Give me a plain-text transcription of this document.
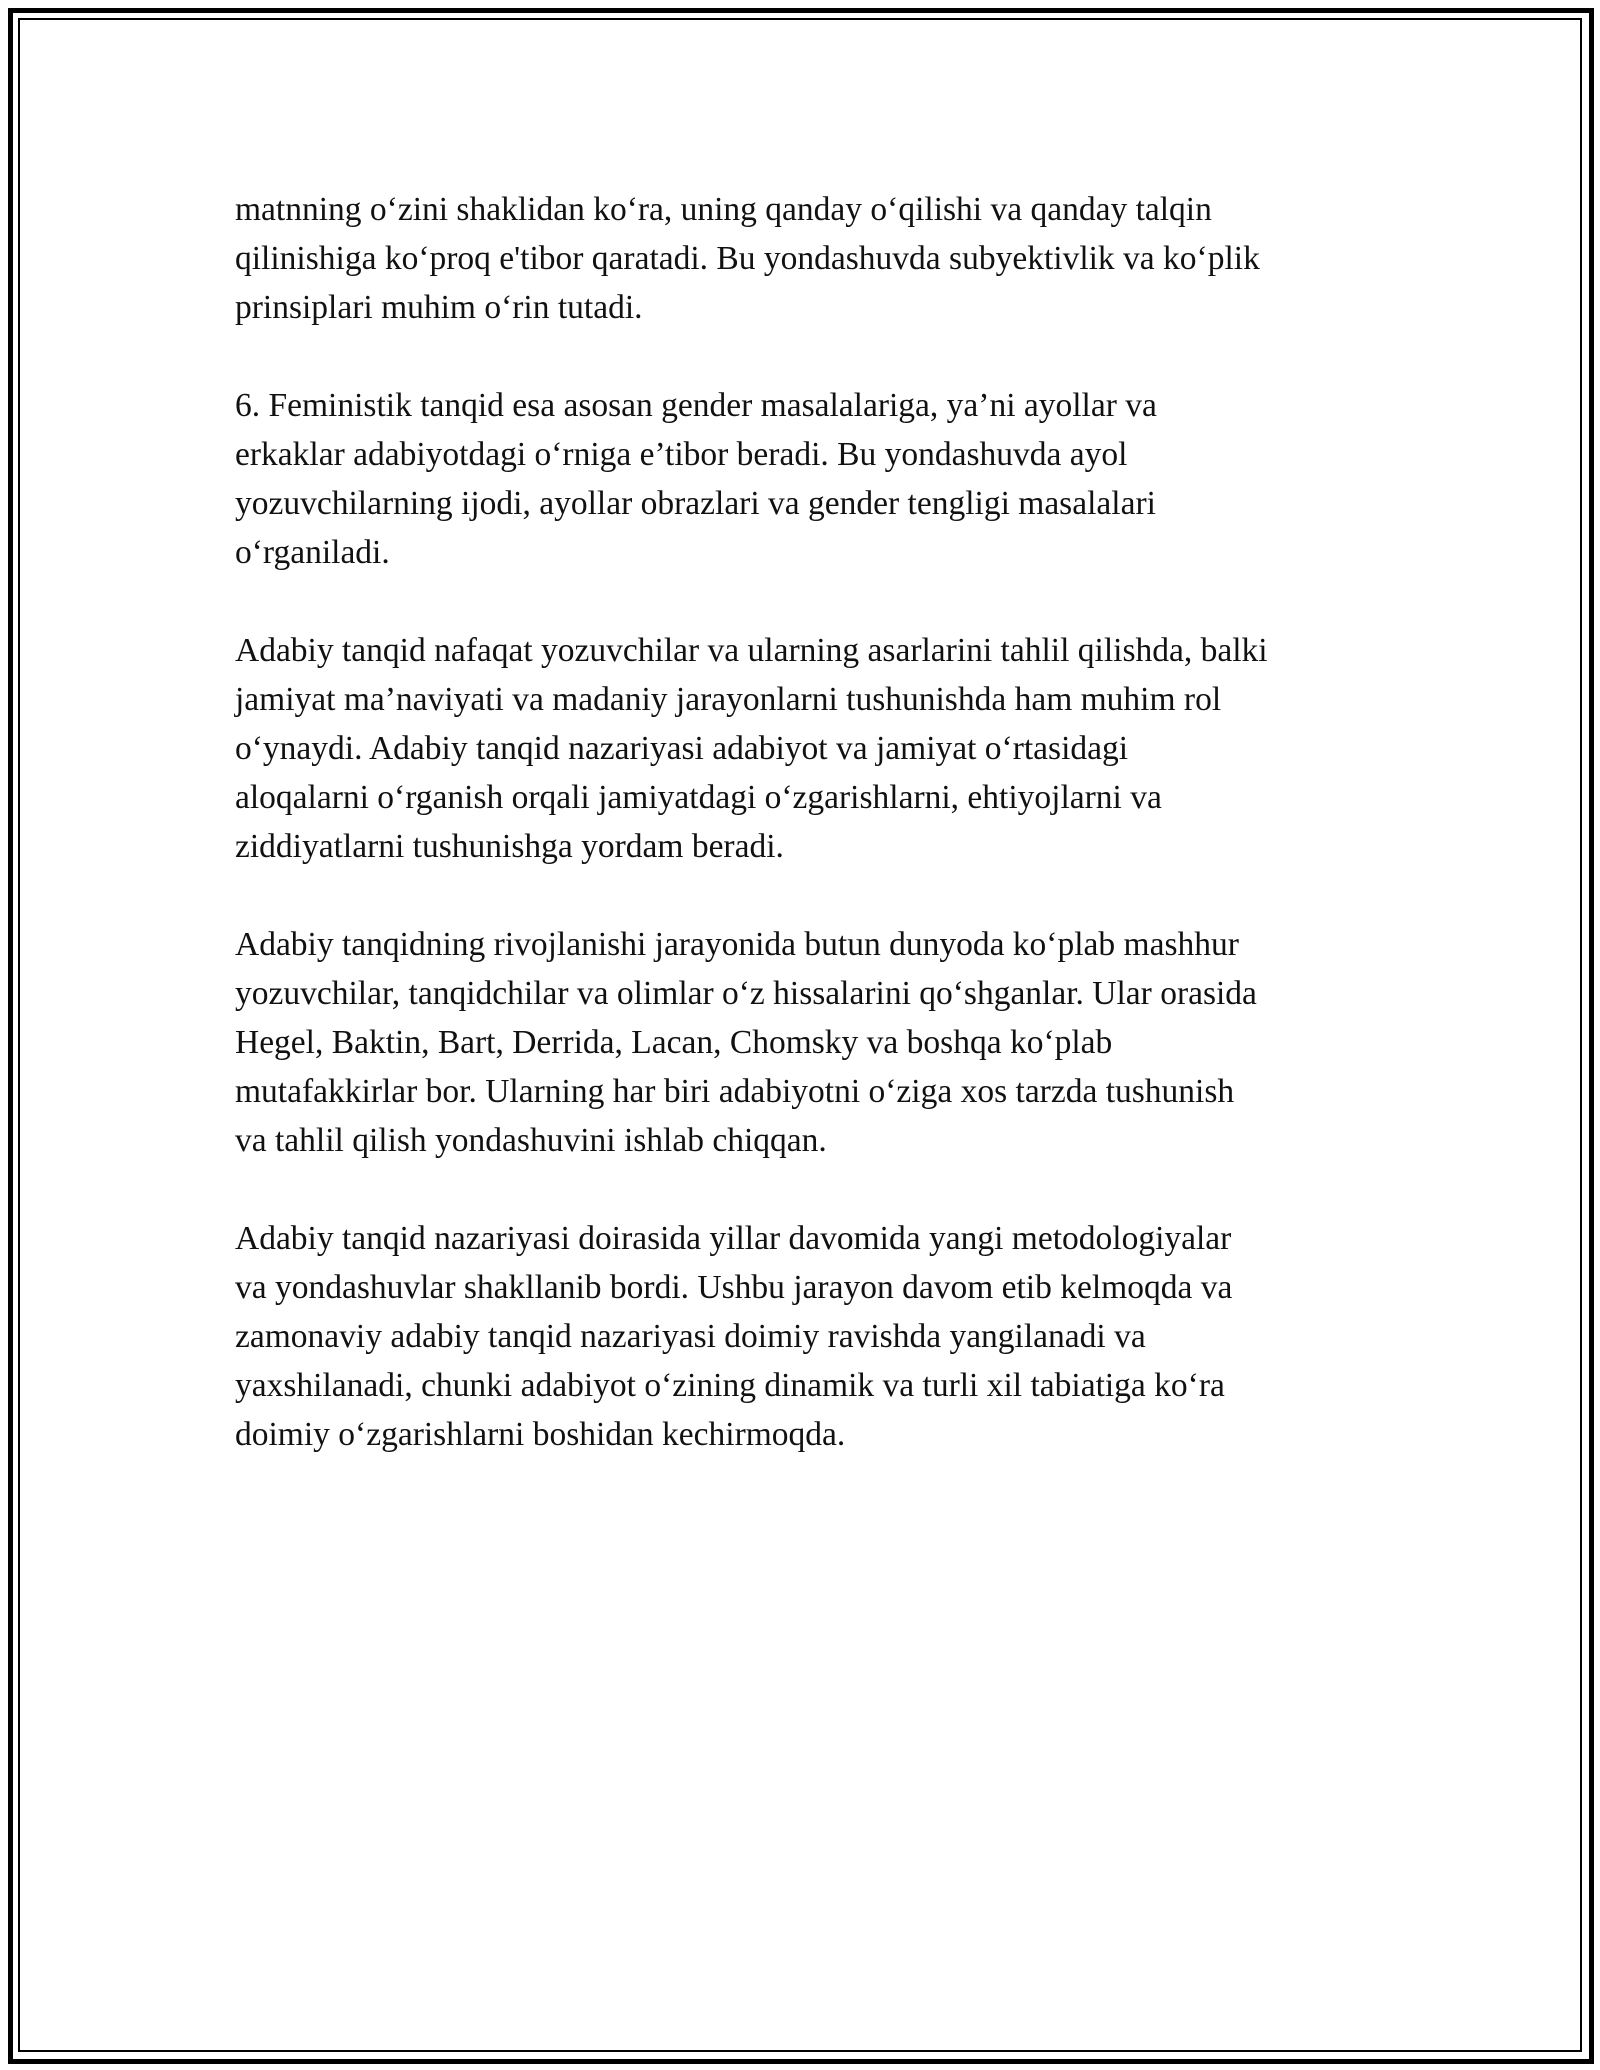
matnning o‘zini shaklidan ko‘ra, uning qanday o‘qilishi va qanday talqin
qilinishiga ko‘proq e'tibor qaratadi. Bu yondashuvda subyektivlik va ko‘plik
prinsiplari muhim o‘rin tutadi.
6. Feministik tanqid esa asosan gender masalalariga, ya’ni ayollar va
erkaklar adabiyotdagi o‘rniga e’tibor beradi. Bu yondashuvda ayol
yozuvchilarning ijodi, ayollar obrazlari va gender tengligi masalalari
o‘rganiladi.
Adabiy tanqid nafaqat yozuvchilar va ularning asarlarini tahlil qilishda, balki
jamiyat ma’naviyati va madaniy jarayonlarni tushunishda ham muhim rol
o‘ynaydi. Adabiy tanqid nazariyasi adabiyot va jamiyat o‘rtasidagi
aloqalarni o‘rganish orqali jamiyatdagi o‘zgarishlarni, ehtiyojlarni va
ziddiyatlarni tushunishga yordam beradi.
Adabiy tanqidning rivojlanishi jarayonida butun dunyoda ko‘plab mashhur
yozuvchilar, tanqidchilar va olimlar o‘z hissalarini qo‘shganlar. Ular orasida
Hegel, Baktin, Bart, Derrida, Lacan, Chomsky va boshqa ko‘plab
mutafakkirlar bor. Ularning har biri adabiyotni o‘ziga xos tarzda tushunish
va tahlil qilish yondashuvini ishlab chiqqan.
Adabiy tanqid nazariyasi doirasida yillar davomida yangi metodologiyalar
va yondashuvlar shakllanib bordi. Ushbu jarayon davom etib kelmoqda va
zamonaviy adabiy tanqid nazariyasi doimiy ravishda yangilanadi va
yaxshilanadi, chunki adabiyot o‘zining dinamik va turli xil tabiatiga ko‘ra
doimiy o‘zgarishlarni boshidan kechirmoqda.
